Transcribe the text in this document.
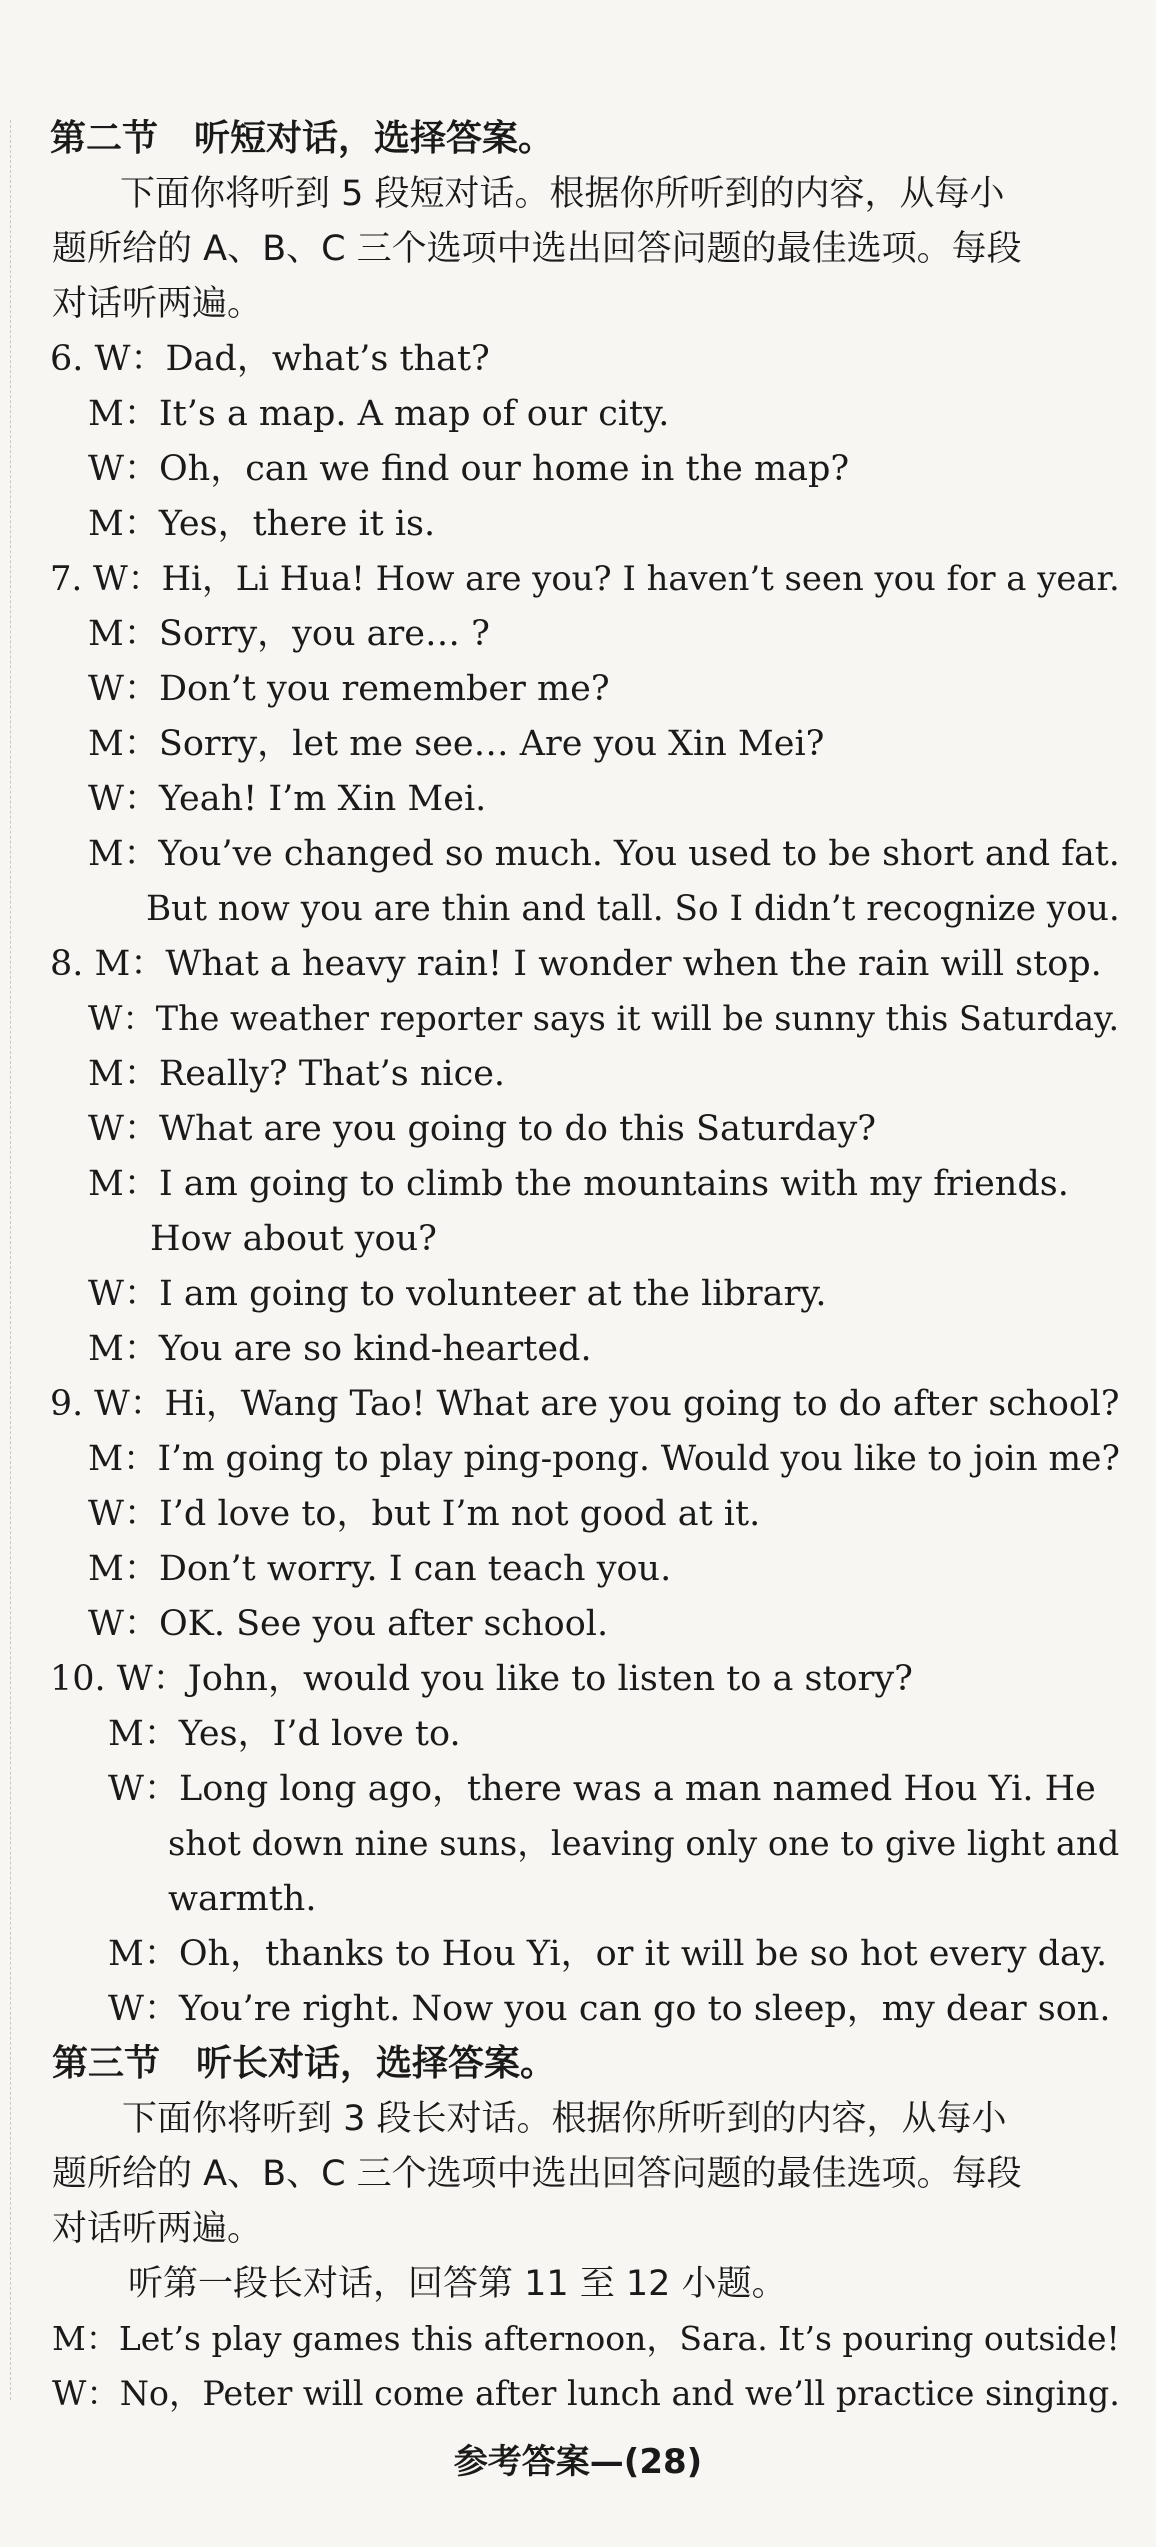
第二节　听短对话，选择答案。
下面你将听到 5 段短对话。根据你所听到的内容，从每小
题所给的 A、B、C 三个选项中选出回答问题的最佳选项。每段
对话听两遍。
6. W：Dad，what’s that?
M：It’s a map. A map of our city.
W：Oh，can we find our home in the map?
M：Yes，there it is.
7. W：Hi，Li Hua! How are you? I haven’t seen you for a year.
M：Sorry，you are… ?
W：Don’t you remember me?
M：Sorry，let me see… Are you Xin Mei?
W：Yeah! I’m Xin Mei.
M：You’ve changed so much. You used to be short and fat.
But now you are thin and tall. So I didn’t recognize you.
8. M：What a heavy rain! I wonder when the rain will stop.
W：The weather reporter says it will be sunny this Saturday.
M：Really? That’s nice.
W：What are you going to do this Saturday?
M：I am going to climb the mountains with my friends.
How about you?
W：I am going to volunteer at the library.
M：You are so kind-hearted.
9. W：Hi，Wang Tao! What are you going to do after school?
M：I’m going to play ping-pong. Would you like to join me?
W：I’d love to，but I’m not good at it.
M：Don’t worry. I can teach you.
W：OK. See you after school.
10. W：John，would you like to listen to a story?
M：Yes，I’d love to.
W：Long long ago，there was a man named Hou Yi. He
shot down nine suns，leaving only one to give light and
warmth.
M：Oh，thanks to Hou Yi，or it will be so hot every day.
W：You’re right. Now you can go to sleep，my dear son.
第三节　听长对话，选择答案。
下面你将听到 3 段长对话。根据你所听到的内容，从每小
题所给的 A、B、C 三个选项中选出回答问题的最佳选项。每段
对话听两遍。
听第一段长对话，回答第 11 至 12 小题。
M：Let’s play games this afternoon，Sara. It’s pouring outside!
W：No，Peter will come after lunch and we’ll practice singing.
参考答案—(28)
